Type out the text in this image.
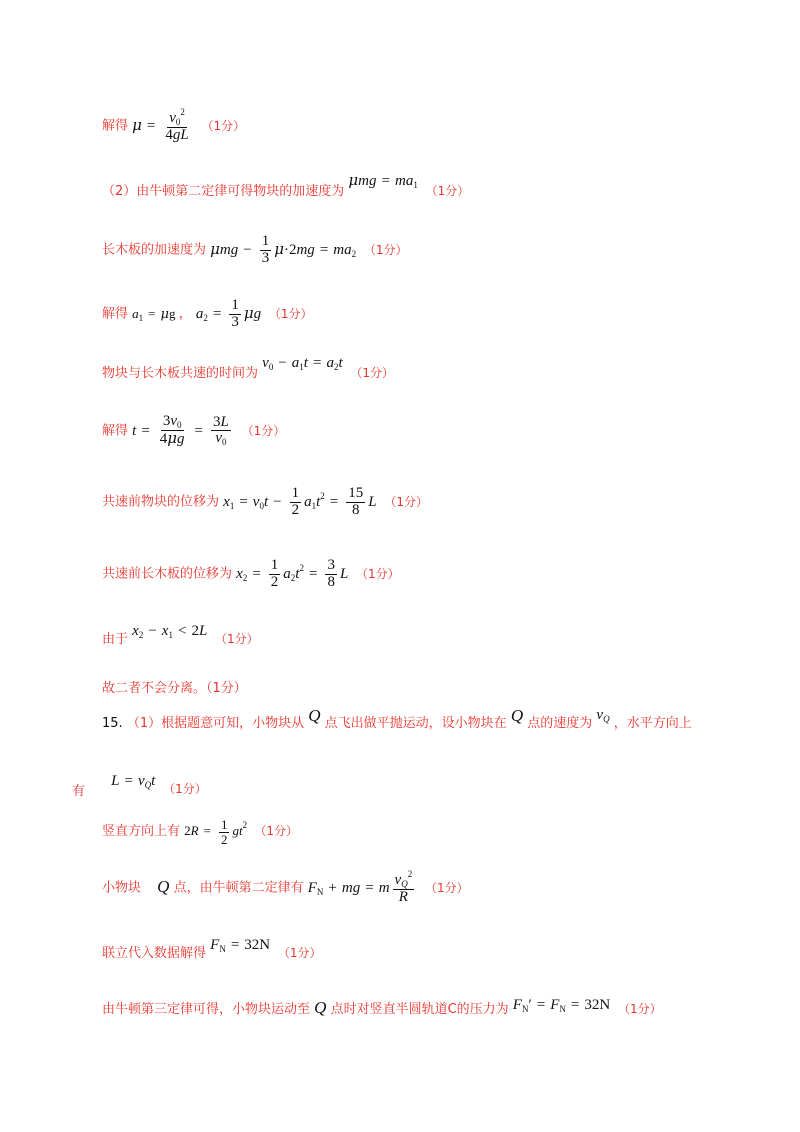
解得 $\mu = \frac{v_0^2}{4gL} (1$分）
（2）由牛顿第二定律可得物块的加速度为 $\mu mg = ma_1$ （1分）
长木板的加速度为 $\mu mg - \frac{1}{3} \mu\cdot 2mg = ma_2$ （1分）
解得 $a_1 = \mu g$ ， $a_2 = \frac{1}{3}$ μg （1分）
物块与长木板共速的时间为 $v_0 - a_1t = a_2t$ （1分）
解得 $t = \frac{3v_0}{4\mu g} = \frac{3L}{v_0} (1$分）
共速前物块的位移为 $x_1 = v_0t - \frac{1}{2} a_1t^2 = \frac{15}{8}$ L （1分）
共速前长木板的位移为 $x_2 = \frac{1}{2} a_2t^2 = \frac{3}{8}$ L （1分）
由于 $x_2 - x_1 < 2L$ （1分）
故二者不会分离。（1分）
15. （1）根据题意可知，小物块从 Q 点飞出做平抛运动，设小物块在 Q 点的速度为 $v_Q$ ，水平方向上
有 $L = v_Qt$ （1分）
竖直方向上有 $2R = \frac{1}{2} gt^2$ （1分）
小物块 Q 点，由牛顿第二定律有 $F_N$ + mg = m $\frac{v_Q^2}{R} (1$分）
联立代入数据解得 $F_N = 32N$ （1分）
由牛顿第三定律可得，小物块运动至 Q 点时对竖直半圆轨道C的压力为 $F_N' = F_N = 32N$ （1分）
